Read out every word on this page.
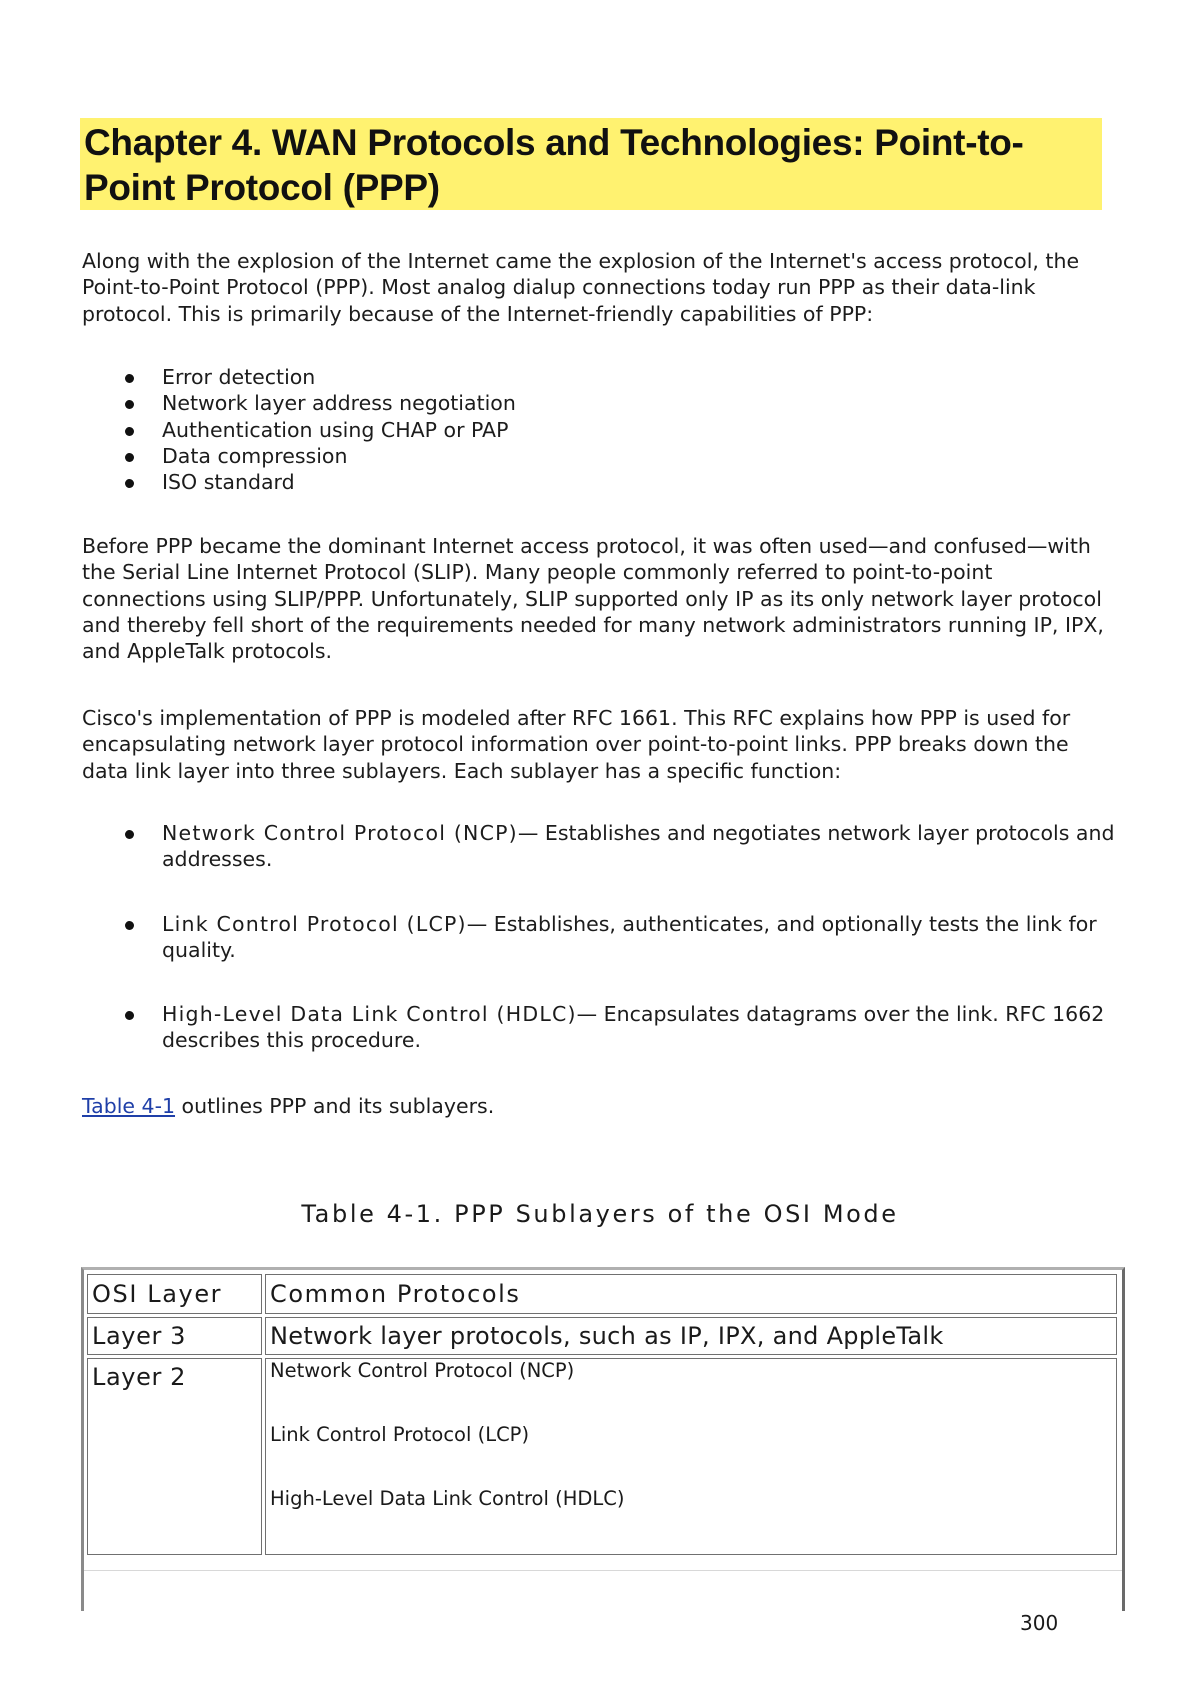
Chapter 4. WAN Protocols and Technologies: Point-to-Point Protocol (PPP)

Along with the explosion of the Internet came the explosion of the Internet's access protocol, the Point-to-Point Protocol (PPP). Most analog dialup connections today run PPP as their data-link protocol. This is primarily because of the Internet-friendly capabilities of PPP:

Error detection
Network layer address negotiation
Authentication using CHAP or PAP
Data compression
ISO standard

Before PPP became the dominant Internet access protocol, it was often used—and confused—with the Serial Line Internet Protocol (SLIP). Many people commonly referred to point-to-point connections using SLIP/PPP. Unfortunately, SLIP supported only IP as its only network layer protocol and thereby fell short of the requirements needed for many network administrators running IP, IPX, and AppleTalk protocols.

Cisco's implementation of PPP is modeled after RFC 1661. This RFC explains how PPP is used for encapsulating network layer protocol information over point-to-point links. PPP breaks down the data link layer into three sublayers. Each sublayer has a specific function:

Network Control Protocol (NCP)— Establishes and negotiates network layer protocols and addresses.
Link Control Protocol (LCP)— Establishes, authenticates, and optionally tests the link for quality.
High-Level Data Link Control (HDLC)— Encapsulates datagrams over the link. RFC 1662 describes this procedure.

Table 4-1 outlines PPP and its sublayers.

Table 4-1. PPP Sublayers of the OSI Mode

OSI Layer	Common Protocols
Layer 3	Network layer protocols, such as IP, IPX, and AppleTalk
Layer 2	Network Control Protocol (NCP)
Link Control Protocol (LCP)
High-Level Data Link Control (HDLC)
300
